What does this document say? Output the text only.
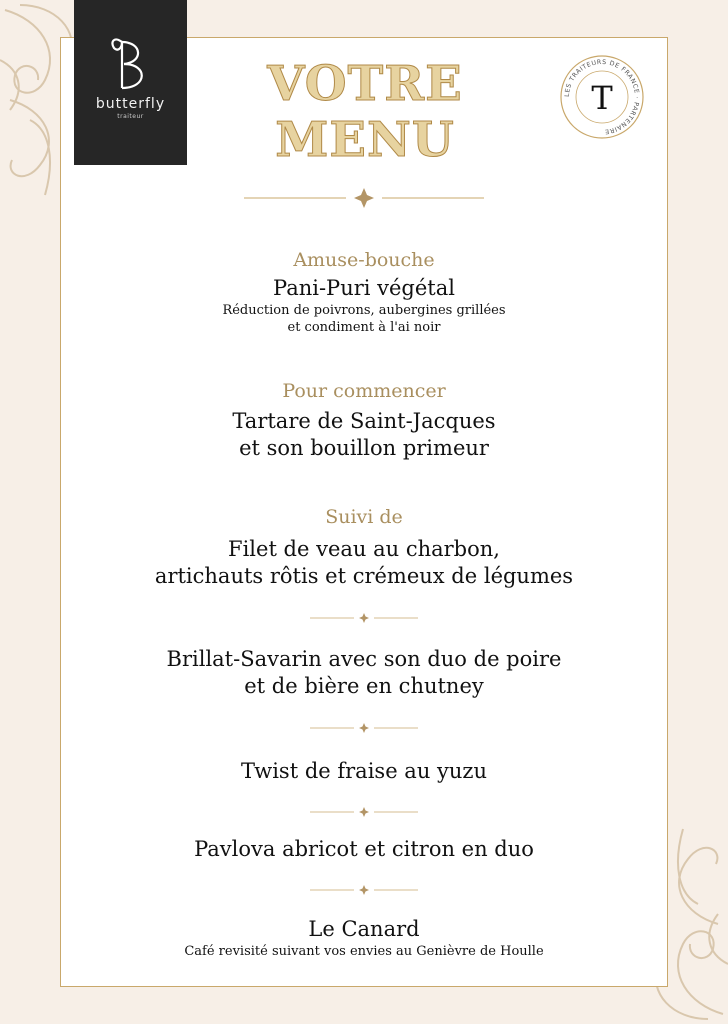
butterfly
traiteur
VOTRE
MENU
LES TRAITEURS DE FRANCE · PARTENAIRE
T
Amuse-bouche
Pani-Puri végétal
Réduction de poivrons, aubergines grillées
et condiment à l'ai noir
Pour commencer
Tartare de Saint-Jacques
et son bouillon primeur
Suivi de
Filet de veau au charbon,
artichauts rôtis et crémeux de légumes
Brillat-Savarin avec son duo de poire
et de bière en chutney
Twist de fraise au yuzu
Pavlova abricot et citron en duo
Le Canard
Café revisité suivant vos envies au Genièvre de Houlle
